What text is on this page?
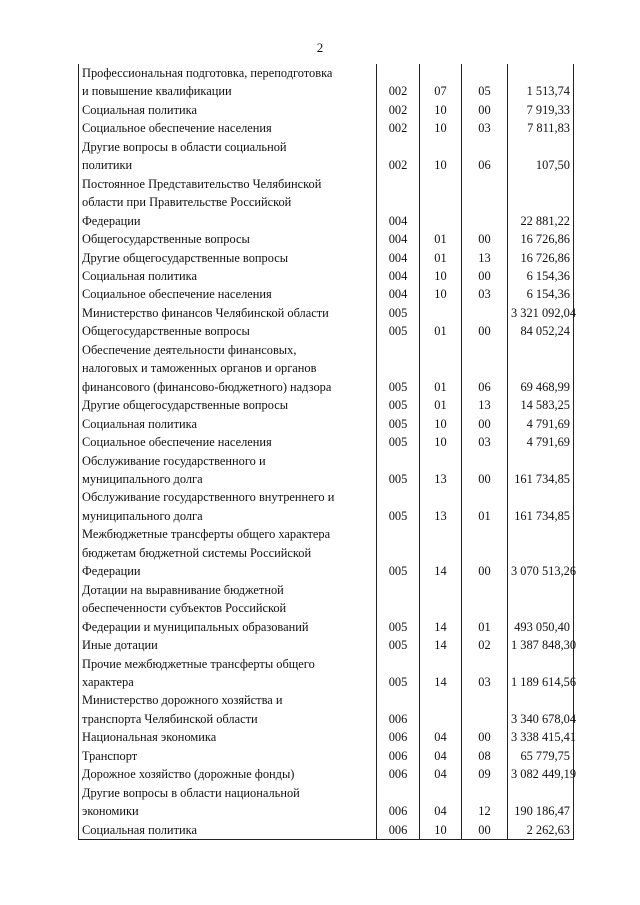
2
Профессиональная подготовка, переподготовка
и повышение квалификации	002	07	05	1 513,74

Социальная политика	002	10	00	7 919,33

Социальное обеспечение населения	002	10	03	7 811,83

Другие вопросы в области социальной
политики	002	10	06	107,50

Постоянное Представительство Челябинской
области при Правительстве Российской
Федерации	004			22 881,22

Общегосударственные вопросы	004	01	00	16 726,86

Другие общегосударственные вопросы	004	01	13	16 726,86

Социальная политика	004	10	00	6 154,36

Социальное обеспечение населения	004	10	03	6 154,36

Министерство финансов Челябинской области	005			3 321 092,04

Общегосударственные вопросы	005	01	00	84 052,24

Обеспечение деятельности финансовых,
налоговых и таможенных органов и органов
финансового (финансово-бюджетного) надзора	005	01	06	69 468,99

Другие общегосударственные вопросы	005	01	13	14 583,25

Социальная политика	005	10	00	4 791,69

Социальное обеспечение населения	005	10	03	4 791,69

Обслуживание государственного и
муниципального долга	005	13	00	161 734,85

Обслуживание государственного внутреннего и
муниципального долга	005	13	01	161 734,85

Межбюджетные трансферты общего характера
бюджетам бюджетной системы Российской
Федерации	005	14	00	3 070 513,26

Дотации на выравнивание бюджетной
обеспеченности субъектов Российской
Федерации и муниципальных образований	005	14	01	493 050,40

Иные дотации	005	14	02	1 387 848,30

Прочие межбюджетные трансферты общего
характера	005	14	03	1 189 614,56

Министерство дорожного хозяйства и
транспорта Челябинской области	006			3 340 678,04

Национальная экономика	006	04	00	3 338 415,41

Транспорт	006	04	08	65 779,75

Дорожное хозяйство (дорожные фонды)	006	04	09	3 082 449,19

Другие вопросы в области национальной
экономики	006	04	12	190 186,47

Социальная политика	006	10	00	2 262,63
